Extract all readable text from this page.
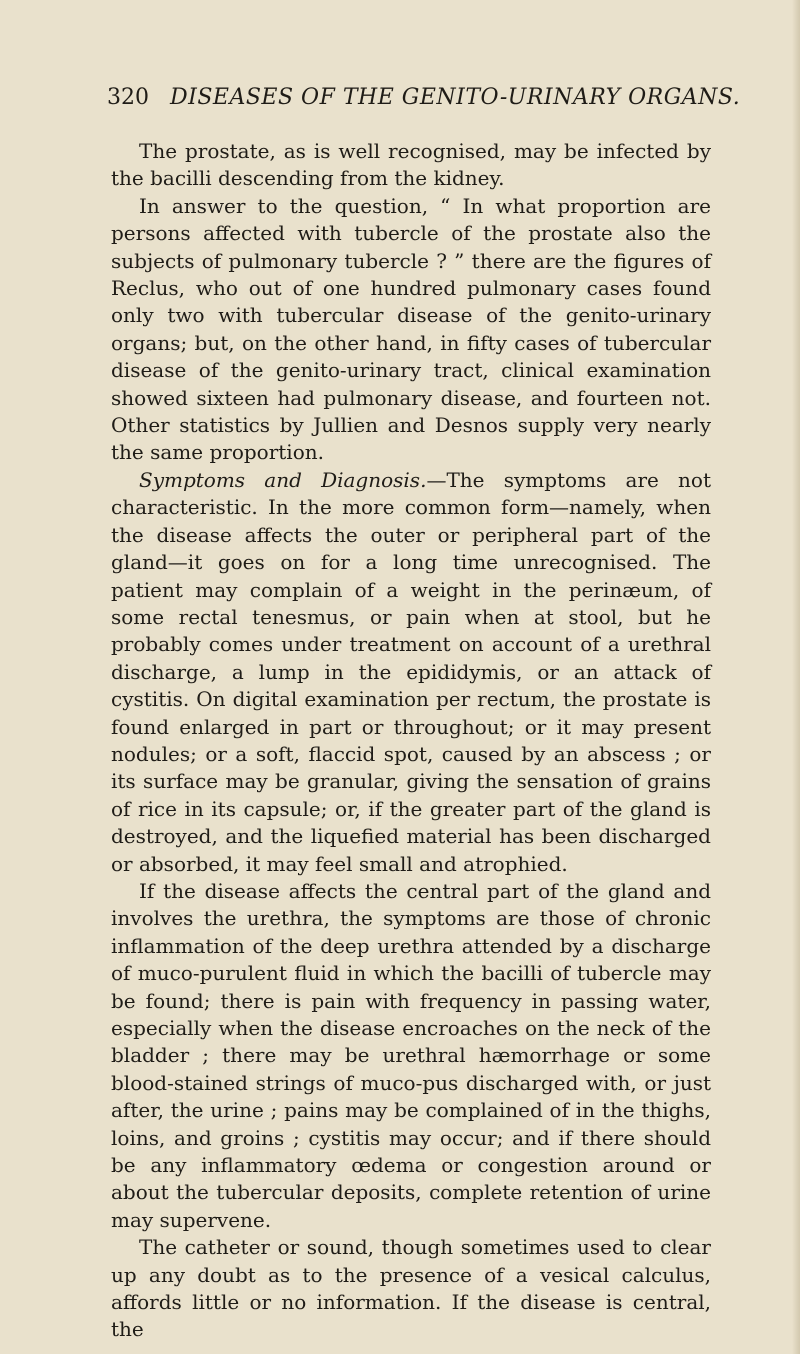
320 DISEASES OF THE GENITO-URINARY ORGANS.

The prostate, as is well recognised, may be infected by the bacilli descending from the kidney.

In answer to the question, “ In what proportion are persons affected with tubercle of the prostate also the subjects of pulmonary tubercle ? ” there are the figures of Reclus, who out of one hundred pulmonary cases found only two with tubercular disease of the genito-urinary organs; but, on the other hand, in fifty cases of tubercular disease of the genito-urinary tract, clinical examination showed sixteen had pulmonary disease, and fourteen not. Other statistics by Jullien and Desnos supply very nearly the same proportion.

Symptoms and Diagnosis.—The symptoms are not characteristic. In the more common form—namely, when the disease affects the outer or peripheral part of the gland—it goes on for a long time unrecognised. The patient may complain of a weight in the perinæum, of some rectal tenesmus, or pain when at stool, but he probably comes under treatment on account of a urethral discharge, a lump in the epididymis, or an attack of cystitis. On digital examination per rectum, the prostate is found enlarged in part or throughout; or it may present nodules; or a soft, flaccid spot, caused by an abscess ; or its surface may be granular, giving the sensation of grains of rice in its capsule; or, if the greater part of the gland is destroyed, and the liquefied material has been discharged or absorbed, it may feel small and atrophied.

If the disease affects the central part of the gland and involves the urethra, the symptoms are those of chronic inflammation of the deep urethra attended by a discharge of muco-purulent fluid in which the bacilli of tubercle may be found; there is pain with frequency in passing water, especially when the disease encroaches on the neck of the bladder ; there may be urethral hæmorrhage or some blood-stained strings of muco-pus discharged with, or just after, the urine ; pains may be complained of in the thighs, loins, and groins ; cystitis may occur; and if there should be any inflammatory œdema or congestion around or about the tubercular deposits, complete retention of urine may supervene.

The catheter or sound, though sometimes used to clear up any doubt as to the presence of a vesical calculus, affords little or no information. If the disease is central, the
